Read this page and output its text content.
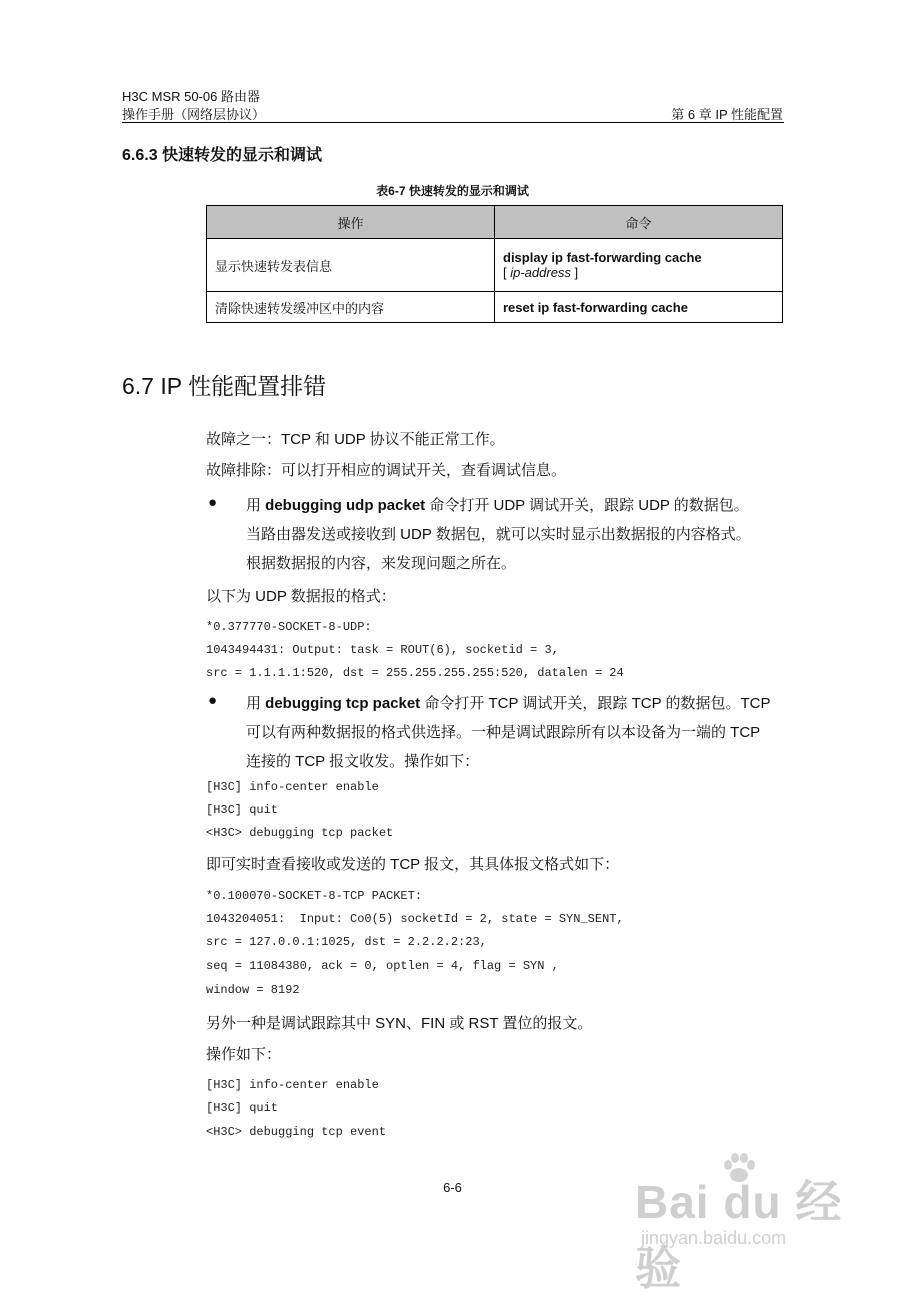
H3C MSR 50-06 路由器
操作手册（网络层协议）	第 6 章 IP 性能配置
6.6.3 快速转发的显示和调试
表6-7 快速转发的显示和调试
操作	命令
显示快速转发表信息	display ip fast-forwarding cache
[ ip-address ]

清除快速转发缓冲区中的内容	reset ip fast-forwarding cache
6.7 IP 性能配置排错
故障之一：TCP 和 UDP 协议不能正常工作。
故障排除：可以打开相应的调试开关，查看调试信息。
● 用 debugging udp packet 命令打开 UDP 调试开关，跟踪 UDP 的数据包。
当路由器发送或接收到 UDP 数据包，就可以实时显示出数据报的内容格式。
根据数据报的内容，来发现问题之所在。
以下为 UDP 数据报的格式：
*0.377770-SOCKET-8-UDP:
1043494431: Output: task = ROUT(6), socketid = 3,
src = 1.1.1.1:520, dst = 255.255.255.255:520, datalen = 24
● 用 debugging tcp packet 命令打开 TCP 调试开关，跟踪 TCP 的数据包。TCP
可以有两种数据报的格式供选择。一种是调试跟踪所有以本设备为一端的 TCP
连接的 TCP 报文收发。操作如下：
[H3C] info-center enable
[H3C] quit
<H3C> debugging tcp packet
即可实时查看接收或发送的 TCP 报文，其具体报文格式如下：
*0.100070-SOCKET-8-TCP PACKET:
1043204051:  Input: Co0(5) socketId = 2, state = SYN_SENT,
src = 127.0.0.1:1025, dst = 2.2.2.2:23,
seq = 11084380, ack = 0, optlen = 4, flag = SYN ,
window = 8192
另外一种是调试跟踪其中 SYN、FIN 或 RST 置位的报文。
操作如下：
[H3C] info-center enable
[H3C] quit
<H3C> debugging tcp event
6-6	Bai du 经验
jingyan.baidu.com
